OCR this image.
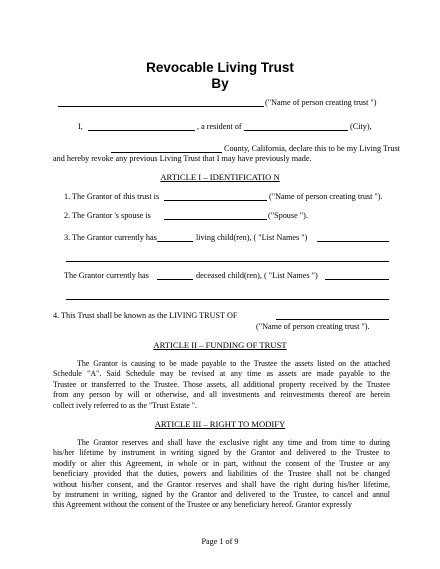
Revocable Living Trust
By
("Name of person creating trust ")
I,	, a resident of	(City),
County, California, declare this to be my Living Trust
and hereby revoke any previous Living Trust that I may have previously made.
ARTICLE I – IDENTIFICATIO N
1. The Grantor of this trust is	("Name of person creating trust ").
2. The Grantor 's spouse is	("Spouse ").
3. The Grantor currently has	living child(ren), ( "List Names ")
The Grantor currently has	deceased child(ren), ( "List Names ")
4. This Trust shall be known as the LIVING TRUST OF
("Name of person creating trust ").
ARTICLE II – FUNDING OF TRUST
The Grantor is causing to be made payable to the Trustee the assets listed on the attached
Schedule "A". Said Schedule may be revised at any time as assets are made payable to the
Trustee or transferred to the Trustee. Those assets, all additional property received by the Trustee
from any person by will or otherwise, and all investments and reinvestments thereof are herein
collect ively referred to as the "Trust Estate ".
ARTICLE III – RIGHT TO MODIFY
The Grantor reserves and shall have the exclusive right any time and from time to during
his/her lifetime by instrument in writing signed by the Grantor and delivered to the Trustee to
modify or alter this Agreement, in whole or in part, without the consent of the Trustee or any
beneficiary provided that the duties, powers and liabilities of the Trustee shall not be changed
without his/her consent, and the Grantor reserves and shall have the right during his/her lifetime,
by instrument in writing, signed by the Grantor and delivered to the Trustee, to cancel and annul
this Agreement without the consent of the Trustee or any beneficiary hereof. Grantor expressly
Page 1 of 9
